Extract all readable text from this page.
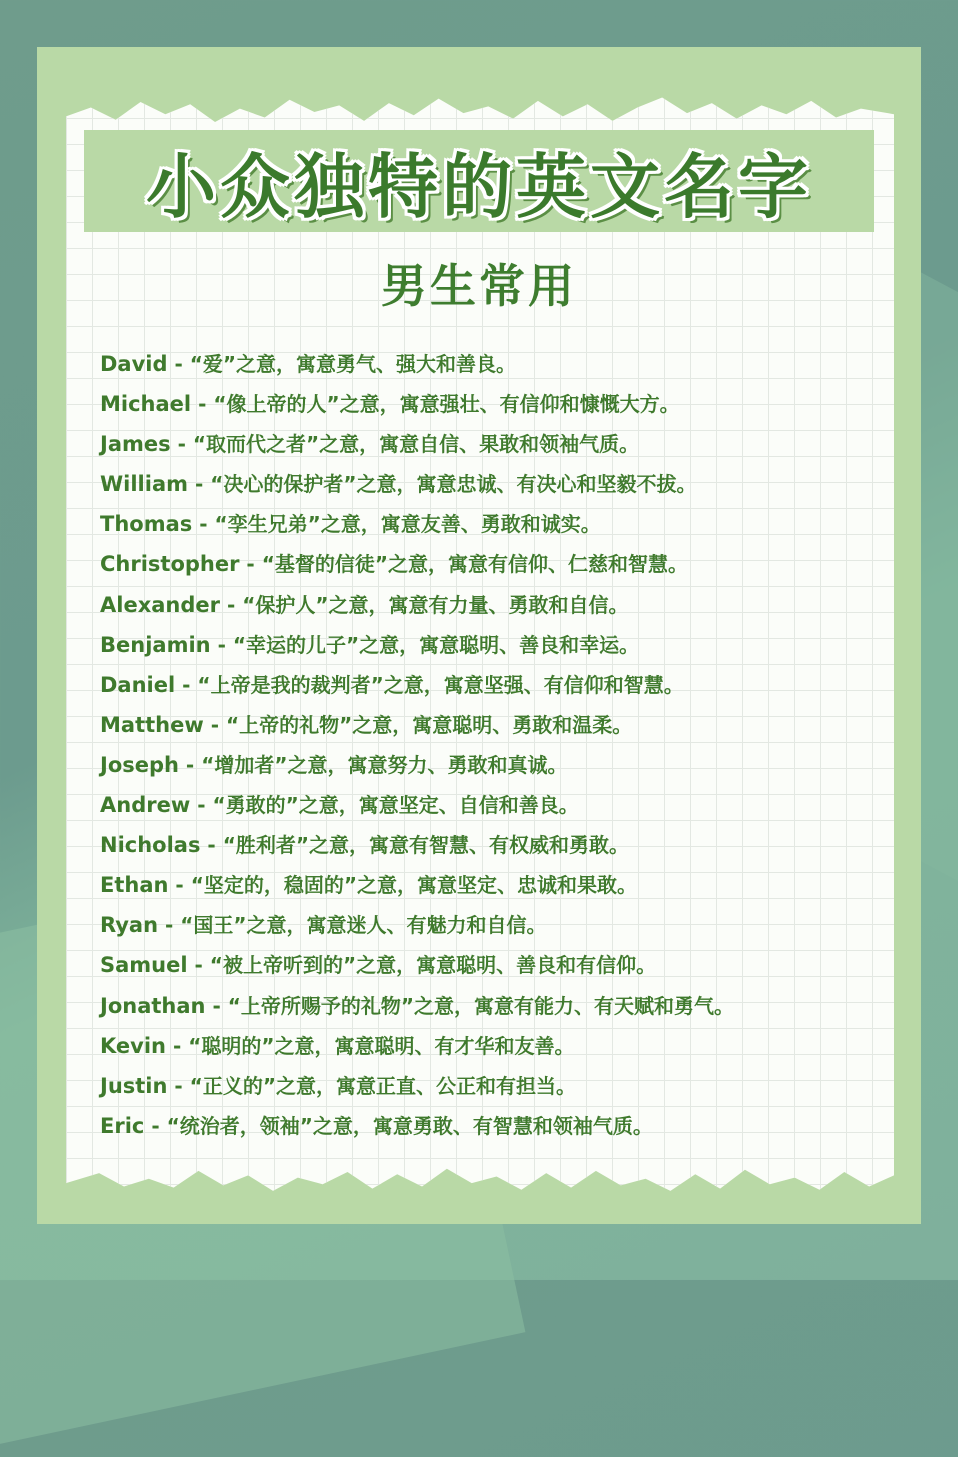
小众独特的英文名字
男生常用
David - “爱”之意，寓意勇气、强大和善良。
Michael - “像上帝的人”之意，寓意强壮、有信仰和慷慨大方。
James - “取而代之者”之意，寓意自信、果敢和领袖气质。
William - “决心的保护者”之意，寓意忠诚、有决心和坚毅不拔。
Thomas - “孪生兄弟”之意，寓意友善、勇敢和诚实。
Christopher - “基督的信徒”之意，寓意有信仰、仁慈和智慧。
Alexander - “保护人”之意，寓意有力量、勇敢和自信。
Benjamin - “幸运的儿子”之意，寓意聪明、善良和幸运。
Daniel - “上帝是我的裁判者”之意，寓意坚强、有信仰和智慧。
Matthew - “上帝的礼物”之意，寓意聪明、勇敢和温柔。
Joseph - “增加者”之意，寓意努力、勇敢和真诚。
Andrew - “勇敢的”之意，寓意坚定、自信和善良。
Nicholas - “胜利者”之意，寓意有智慧、有权威和勇敢。
Ethan - “坚定的，稳固的”之意，寓意坚定、忠诚和果敢。
Ryan - “国王”之意，寓意迷人、有魅力和自信。
Samuel - “被上帝听到的”之意，寓意聪明、善良和有信仰。
Jonathan - “上帝所赐予的礼物”之意，寓意有能力、有天赋和勇气。
Kevin - “聪明的”之意，寓意聪明、有才华和友善。
Justin - “正义的”之意，寓意正直、公正和有担当。
Eric - “统治者，领袖”之意，寓意勇敢、有智慧和领袖气质。
